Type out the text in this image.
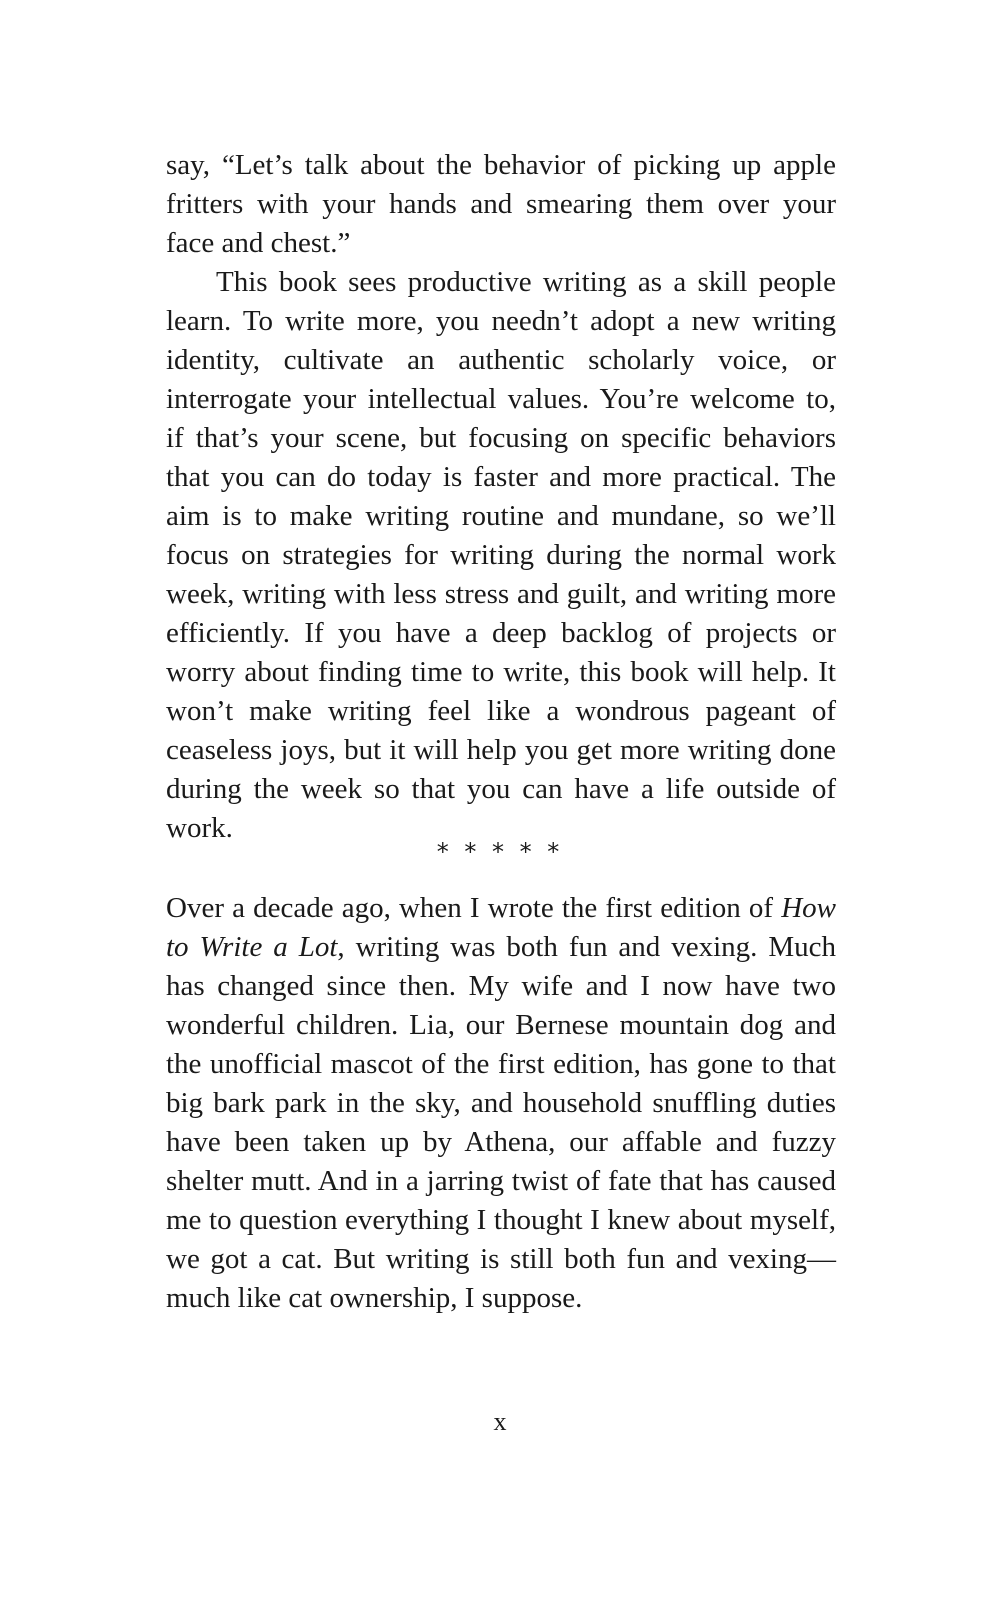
say, “Let’s talk about the behavior of picking up apple fritters with your hands and smearing them over your face and chest.”

This book sees productive writing as a skill people learn. To write more, you needn’t adopt a new writing identity, cultivate an authentic scholarly voice, or interrogate your intellectual values. You’re welcome to, if that’s your scene, but focusing on specific behaviors that you can do today is faster and more practical. The aim is to make writing routine and mundane, so we’ll focus on strategies for writing during the normal work week, writing with less stress and guilt, and writing more efficiently. If you have a deep backlog of projects or worry about finding time to write, this book will help. It won’t make writing feel like a wondrous pageant of ceaseless joys, but it will help you get more writing done during the week so that you can have a life outside of work.

* * * * *

Over a decade ago, when I wrote the first edition of How to Write a Lot, writing was both fun and vexing. Much has changed since then. My wife and I now have two wonderful children. Lia, our Bernese mountain dog and the unofficial mascot of the first edition, has gone to that big bark park in the sky, and household snuffling duties have been taken up by Athena, our affable and fuzzy shelter mutt. And in a jarring twist of fate that has caused me to question everything I thought I knew about myself, we got a cat. But writing is still both fun and vexing—much like cat ownership, I suppose.

x
